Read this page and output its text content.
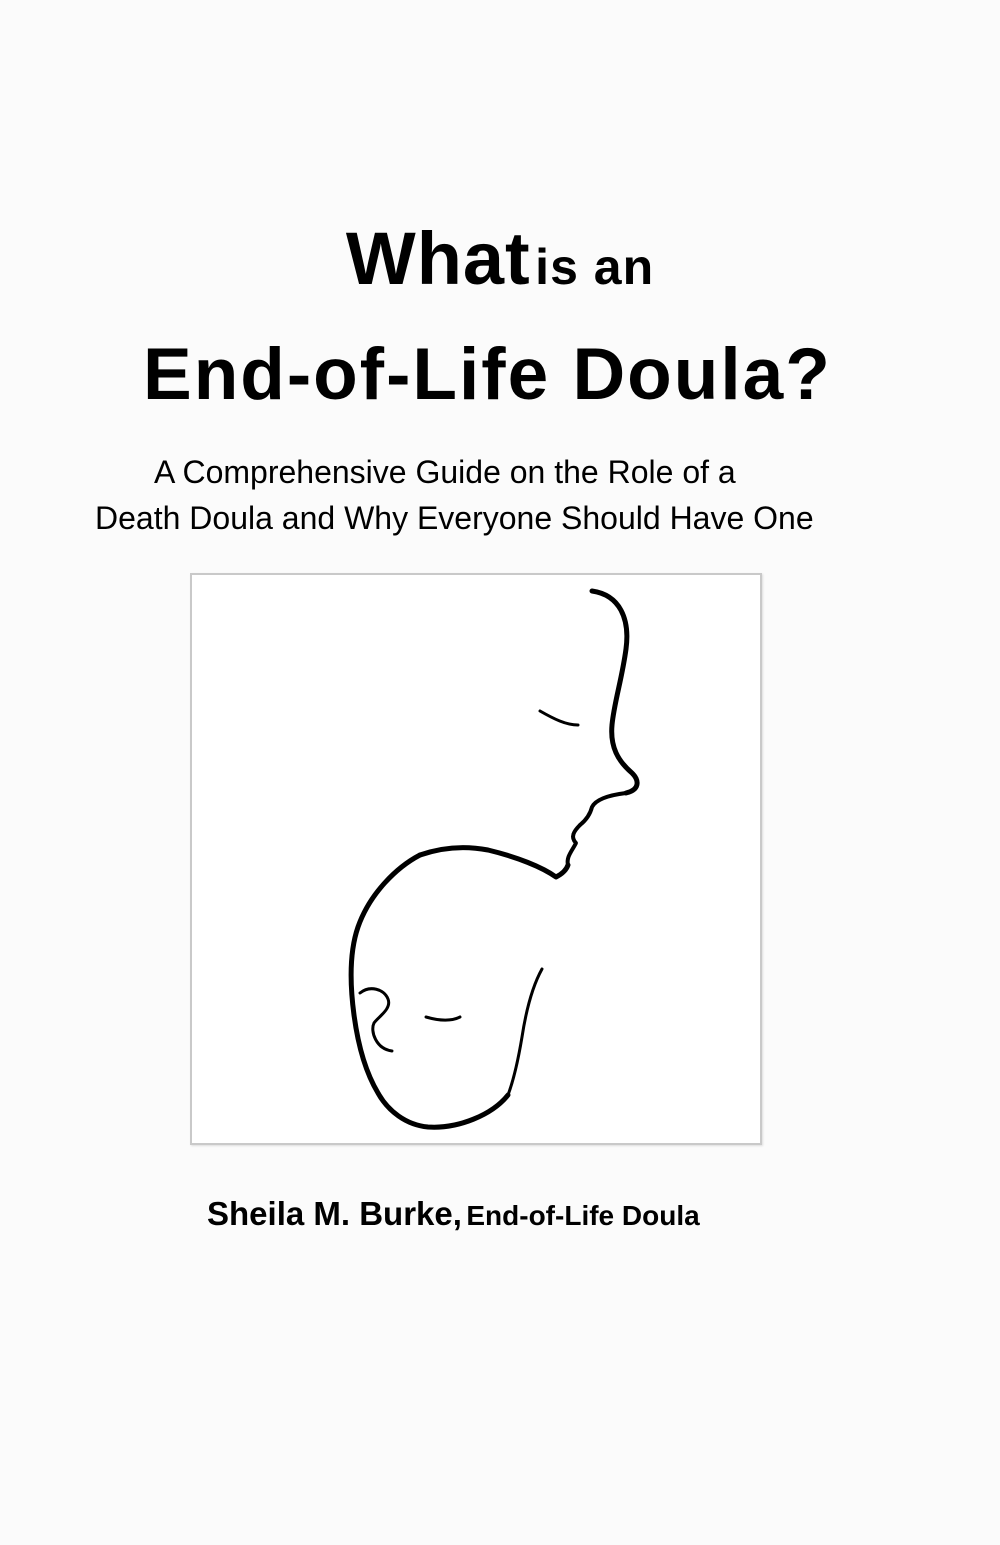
What is an
End-of-Life Doula?
A Comprehensive Guide on the Role of a
Death Doula and Why Everyone Should Have One
Sheila M. Burke, End-of-Life Doula
